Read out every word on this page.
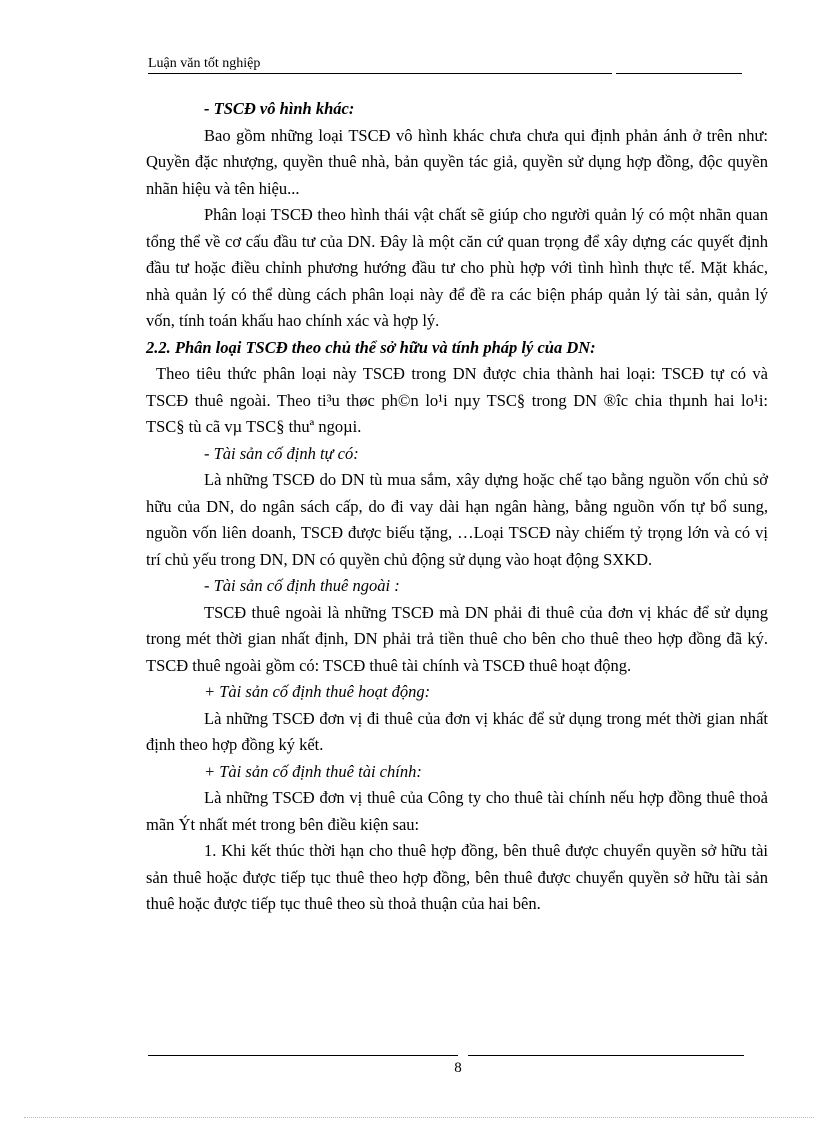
Luận văn tốt nghiệp

- TSCĐ vô hình khác:

Bao gồm những loại TSCĐ vô hình khác chưa chưa qui định phản ánh ở trên như: Quyền đặc nhượng, quyền thuê nhà, bản quyền tác giả, quyền sử dụng hợp đồng, độc quyền nhãn hiệu và tên hiệu...

Phân loại TSCĐ theo hình thái vật chất sẽ giúp cho người quản lý có một nhãn quan tổng thể về cơ cấu đầu tư của DN. Đây là một căn cứ quan trọng để xây dựng các quyết định đầu tư hoặc điều chỉnh phương hướng đầu tư cho phù hợp với tình hình thực tế. Mặt khác, nhà quản lý có thể dùng cách phân loại này để đề ra các biện pháp quản lý tài sản, quản lý vốn, tính toán khấu hao chính xác và hợp lý.

2.2. Phân loại TSCĐ theo chủ thể sở hữu và tính pháp lý của DN:

Theo tiêu thức phân loại này TSCĐ trong DN được chia thành hai loại: TSCĐ tự có và TSCĐ thuê ngoài. Theo ti³u thøc ph©n lo¹i nµy TSC§ trong DN ®îc chia thµnh hai lo¹i: TSC§ tù cã vµ TSC§ thuª ngoµi.

- Tài sản cố định tự có:

Là những TSCĐ do DN tù mua sắm, xây dựng hoặc chế tạo bằng nguồn vốn chủ sở hữu của DN, do ngân sách cấp, do đi vay dài hạn ngân hàng, bằng nguồn vốn tự bổ sung, nguồn vốn liên doanh, TSCĐ được biếu tặng, …Loại TSCĐ này chiếm tỷ trọng lớn và có vị trí chủ yếu trong DN, DN có quyền chủ động sử dụng vào hoạt động SXKD.

- Tài sản cố định thuê ngoài :

TSCĐ thuê ngoài là những TSCĐ mà DN phải đi thuê của đơn vị khác để sử dụng trong mét thời gian nhất định, DN phải trả tiền thuê cho bên cho thuê theo hợp đồng đã ký. TSCĐ thuê ngoài gồm có: TSCĐ thuê tài chính và TSCĐ thuê hoạt động.

+ Tài sản cố định thuê hoạt động:

Là những TSCĐ đơn vị đi thuê của đơn vị khác để sử dụng trong mét thời gian nhất định theo hợp đồng ký kết.

+ Tài sản cố định thuê tài chính:

Là những TSCĐ đơn vị thuê của Công ty cho thuê tài chính nếu hợp đồng thuê thoả mãn Ýt nhất mét trong bên điều kiện sau:

1. Khi kết thúc thời hạn cho thuê hợp đồng, bên thuê được chuyển quyền sở hữu tài sản thuê hoặc được tiếp tục thuê theo hợp đồng, bên thuê được chuyển quyền sở hữu tài sản thuê hoặc được tiếp tục thuê theo sù thoả thuận của hai bên.

8
